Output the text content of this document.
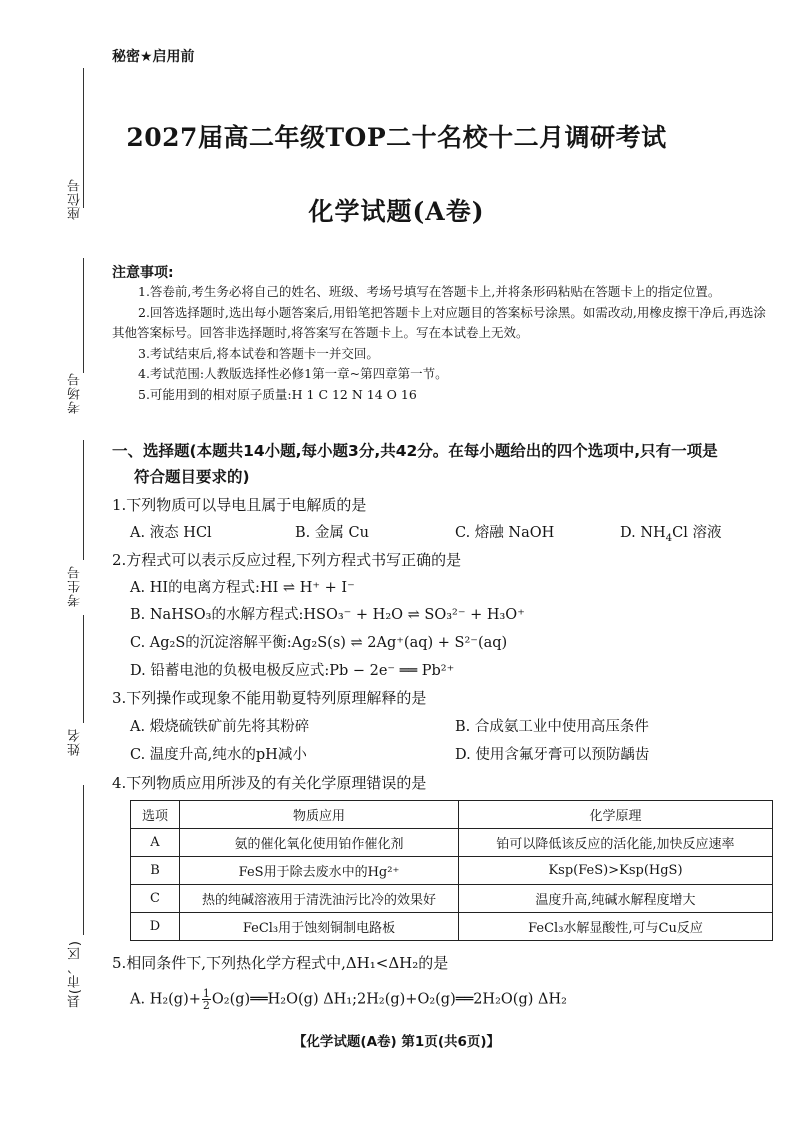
秘密★启用前
2027届高二年级TOP二十名校十二月调研考试
化学试题(A卷)
座位号
考场号
考生号
姓名
县(市、区)
注意事项:

1.答卷前,考生务必将自己的姓名、班级、考场号填写在答题卡上,并将条形码粘贴在答题卡上的指定位置。

2.回答选择题时,选出每小题答案后,用铅笔把答题卡上对应题目的答案标号涂黑。如需改动,用橡皮擦干净后,再选涂其他答案标号。回答非选择题时,将答案写在答题卡上。写在本试卷上无效。

3.考试结束后,将本试卷和答题卡一并交回。

4.考试范围:人教版选择性必修1第一章~第四章第一节。

5.可能用到的相对原子质量:H 1 C 12 N 14 O 16

一、选择题(本题共14小题,每小题3分,共42分。在每小题给出的四个选项中,只有一项是
符合题目要求的)
1.下列物质可以导电且属于电解质的是
A. 液态 HCl	B. 金属 Cu	C. 熔融 NaOH	D. $NH_4Cl$ 溶液
2.方程式可以表示反应过程,下列方程式书写正确的是
A. HI的电离方程式:HI ⇌ H⁺ + I⁻
B. NaHSO₃的水解方程式:HSO₃⁻ + H₂O ⇌ SO₃²⁻ + H₃O⁺
C. Ag₂S的沉淀溶解平衡:Ag₂S(s) ⇌ 2Ag⁺(aq) + S²⁻(aq)
D. 铅蓄电池的负极电极反应式:Pb − 2e⁻ ══ Pb²⁺
3.下列操作或现象不能用勒夏特列原理解释的是
A. 煅烧硫铁矿前先将其粉碎	B. 合成氨工业中使用高压条件
C. 温度升高,纯水的pH减小	D. 使用含氟牙膏可以预防龋齿
4.下列物质应用所涉及的有关化学原理错误的是
选项	物质应用	化学原理
A	氨的催化氧化使用铂作催化剂	铂可以降低该反应的活化能,加快反应速率
B	FeS用于除去废水中的Hg²⁺	Ksp(FeS)>Ksp(HgS)
C	热的纯碱溶液用于清洗油污比冷的效果好	温度升高,纯碱水解程度增大
D	FeCl₃用于蚀刻铜制电路板	FeCl₃水解显酸性,可与Cu反应
5.相同条件下,下列热化学方程式中,ΔH₁<ΔH₂的是
A. $H_2(g)+ \frac{1}{2}$ O₂(g)══H₂O(g) ΔH₁;2H₂(g)+O₂(g)══2H₂O(g) ΔH₂
【化学试题(A卷) 第1页(共6页)】
